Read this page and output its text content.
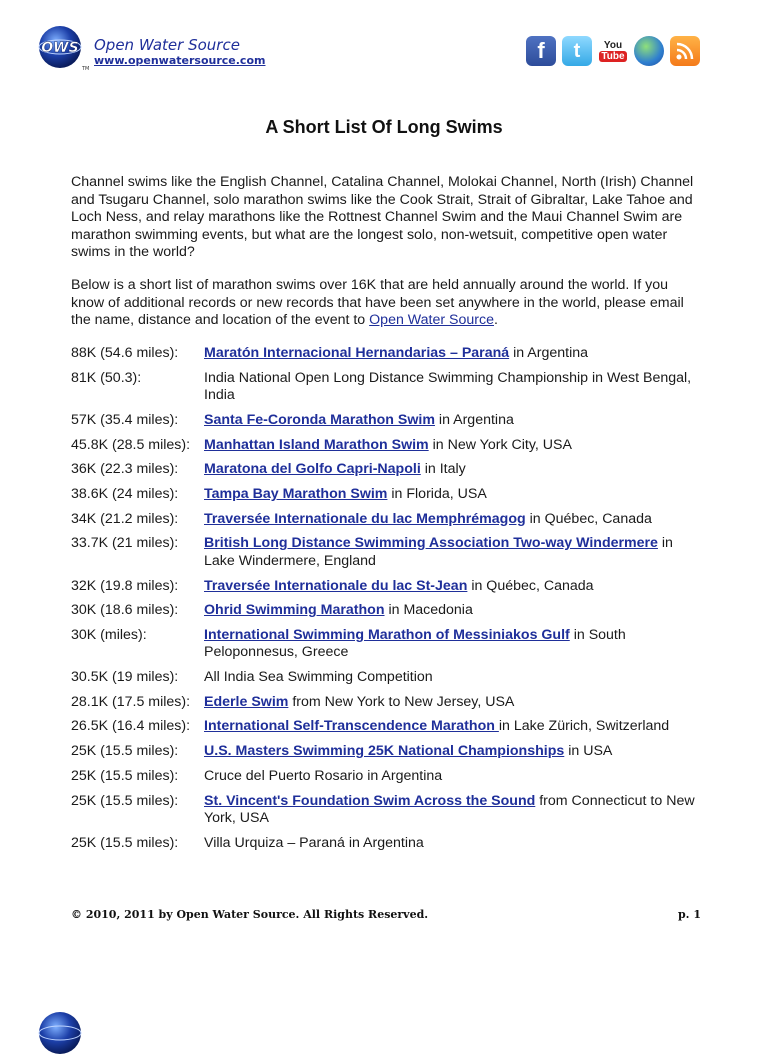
OWS
TM
Open Water Source
www.openwatersource.com	f t You
Tube
A Short List Of Long Swims

Channel swims like the English Channel, Catalina Channel, Molokai Channel, North (Irish) Channel and Tsugaru Channel, solo marathon swims like the Cook Strait, Strait of Gibraltar, Lake Tahoe and Loch Ness, and relay marathons like the Rottnest Channel Swim and the Maui Channel Swim are marathon swimming events, but what are the longest solo, non-wetsuit, competitive open water swims in the world?

Below is a short list of marathon swims over 16K that are held annually around the world. If you know of additional records or new records that have been set anywhere in the world, please email the name, distance and location of the event to Open Water Source.

88K (54.6 miles):	Maratón Internacional Hernandarias – Paraná in Argentina
81K (50.3):	India National Open Long Distance Swimming Championship in West Bengal, India
57K (35.4 miles):	Santa Fe-Coronda Marathon Swim in Argentina
45.8K (28.5 miles): Manhattan Island Marathon Swim in New York City, USA
36K (22.3 miles):	Maratona del Golfo Capri-Napoli in Italy
38.6K (24 miles):	Tampa Bay Marathon Swim in Florida, USA
34K (21.2 miles):	Traversée Internationale du lac Memphrémagog in Québec, Canada
33.7K (21 miles):	British Long Distance Swimming Association Two-way Windermere in Lake Windermere, England
32K (19.8 miles):	Traversée Internationale du lac St-Jean in Québec, Canada
30K (18.6 miles):	Ohrid Swimming Marathon in Macedonia
30K (miles):	International Swimming Marathon of Messiniakos Gulf in South Peloponnesus, Greece
30.5K (19 miles):	All India Sea Swimming Competition
28.1K (17.5 miles): Ederle Swim from New York to New Jersey, USA
26.5K (16.4 miles): International Self-Transcendence Marathon in Lake Zürich, Switzerland
25K (15.5 miles):	U.S. Masters Swimming 25K National Championships in USA
25K (15.5 miles):	Cruce del Puerto Rosario in Argentina
25K (15.5 miles):	St. Vincent's Foundation Swim Across the Sound from Connecticut to New York, USA
25K (15.5 miles):	Villa Urquiza – Paraná in Argentina
© 2010, 2011 by Open Water Source. All Rights Reserved.	p. 1
